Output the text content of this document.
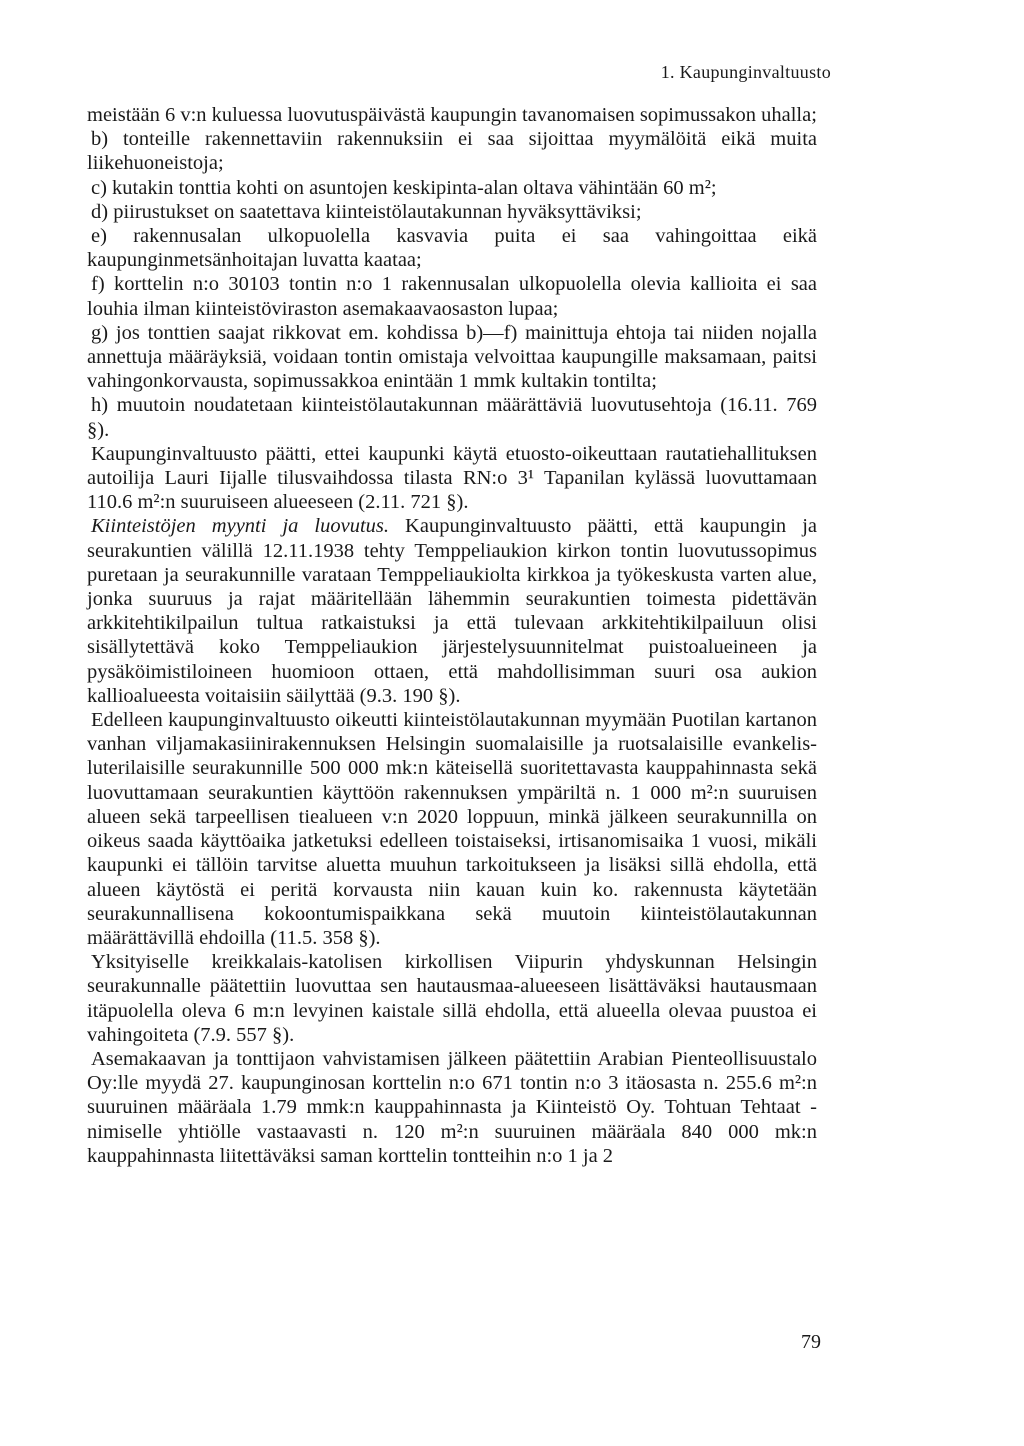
1. Kaupunginvaltuusto

meistään 6 v:n kuluessa luovutuspäivästä kaupungin tavanomaisen sopimussakon uhalla;

b) tonteille rakennettaviin rakennuksiin ei saa sijoittaa myymälöitä eikä muita liikehuoneistoja;

c) kutakin tonttia kohti on asuntojen keskipinta-alan oltava vähintään 60 m²;

d) piirustukset on saatettava kiinteistölautakunnan hyväksyttäviksi;

e) rakennusalan ulkopuolella kasvavia puita ei saa vahingoittaa eikä kaupunginmetsänhoitajan luvatta kaataa;

f) korttelin n:o 30103 tontin n:o 1 rakennusalan ulkopuolella olevia kallioita ei saa louhia ilman kiinteistöviraston asemakaavaosaston lupaa;

g) jos tonttien saajat rikkovat em. kohdissa b)—f) mainittuja ehtoja tai niiden nojalla annettuja määräyksiä, voidaan tontin omistaja velvoittaa kaupungille maksamaan, paitsi vahingonkorvausta, sopimussakkoa enintään 1 mmk kultakin tontilta;

h) muutoin noudatetaan kiinteistölautakunnan määrättäviä luovutusehtoja (16.11. 769 §).

Kaupunginvaltuusto päätti, ettei kaupunki käytä etuosto-oikeuttaan rautatiehallituksen autoilija Lauri Iijalle tilusvaihdossa tilasta RN:o 3¹ Tapanilan kylässä luovuttamaan 110.6 m²:n suuruiseen alueeseen (2.11. 721 §).

Kiinteistöjen myynti ja luovutus. Kaupunginvaltuusto päätti, että kaupungin ja seurakuntien välillä 12.11.1938 tehty Temppeliaukion kirkon tontin luovutussopimus puretaan ja seurakunnille varataan Temppeliaukiolta kirkkoa ja työkeskusta varten alue, jonka suuruus ja rajat määritellään lähemmin seurakuntien toimesta pidettävän arkkitehtikilpailun tultua ratkaistuksi ja että tulevaan arkkitehtikilpailuun olisi sisällytettävä koko Temppeliaukion järjestelysuunnitelmat puistoalueineen ja pysäköimistiloineen huomioon ottaen, että mahdollisimman suuri osa aukion kallioalueesta voitaisiin säilyttää (9.3. 190 §).

Edelleen kaupunginvaltuusto oikeutti kiinteistölautakunnan myymään Puotilan kartanon vanhan viljamakasiinirakennuksen Helsingin suomalaisille ja ruotsalaisille evankelis-luterilaisille seurakunnille 500 000 mk:n käteisellä suoritettavasta kauppahinnasta sekä luovuttamaan seurakuntien käyttöön rakennuksen ympäriltä n. 1 000 m²:n suuruisen alueen sekä tarpeellisen tiealueen v:n 2020 loppuun, minkä jälkeen seurakunnilla on oikeus saada käyttöaika jatketuksi edelleen toistaiseksi, irtisanomisaika 1 vuosi, mikäli kaupunki ei tällöin tarvitse aluetta muuhun tarkoitukseen ja lisäksi sillä ehdolla, että alueen käytöstä ei peritä korvausta niin kauan kuin ko. rakennusta käytetään seurakunnallisena kokoontumispaikkana sekä muutoin kiinteistölautakunnan määrättävillä ehdoilla (11.5. 358 §).

Yksityiselle kreikkalais-katolisen kirkollisen Viipurin yhdyskunnan Helsingin seurakunnalle päätettiin luovuttaa sen hautausmaa-alueeseen lisättäväksi hautausmaan itäpuolella oleva 6 m:n levyinen kaistale sillä ehdolla, että alueella olevaa puustoa ei vahingoiteta (7.9. 557 §).

Asemakaavan ja tonttijaon vahvistamisen jälkeen päätettiin Arabian Pienteollisuustalo Oy:lle myydä 27. kaupunginosan korttelin n:o 671 tontin n:o 3 itäosasta n. 255.6 m²:n suuruinen määräala 1.79 mmk:n kauppahinnasta ja Kiinteistö Oy. Tohtuan Tehtaat -nimiselle yhtiölle vastaavasti n. 120 m²:n suuruinen määräala 840 000 mk:n kauppahinnasta liitettäväksi saman korttelin tontteihin n:o 1 ja 2

79
